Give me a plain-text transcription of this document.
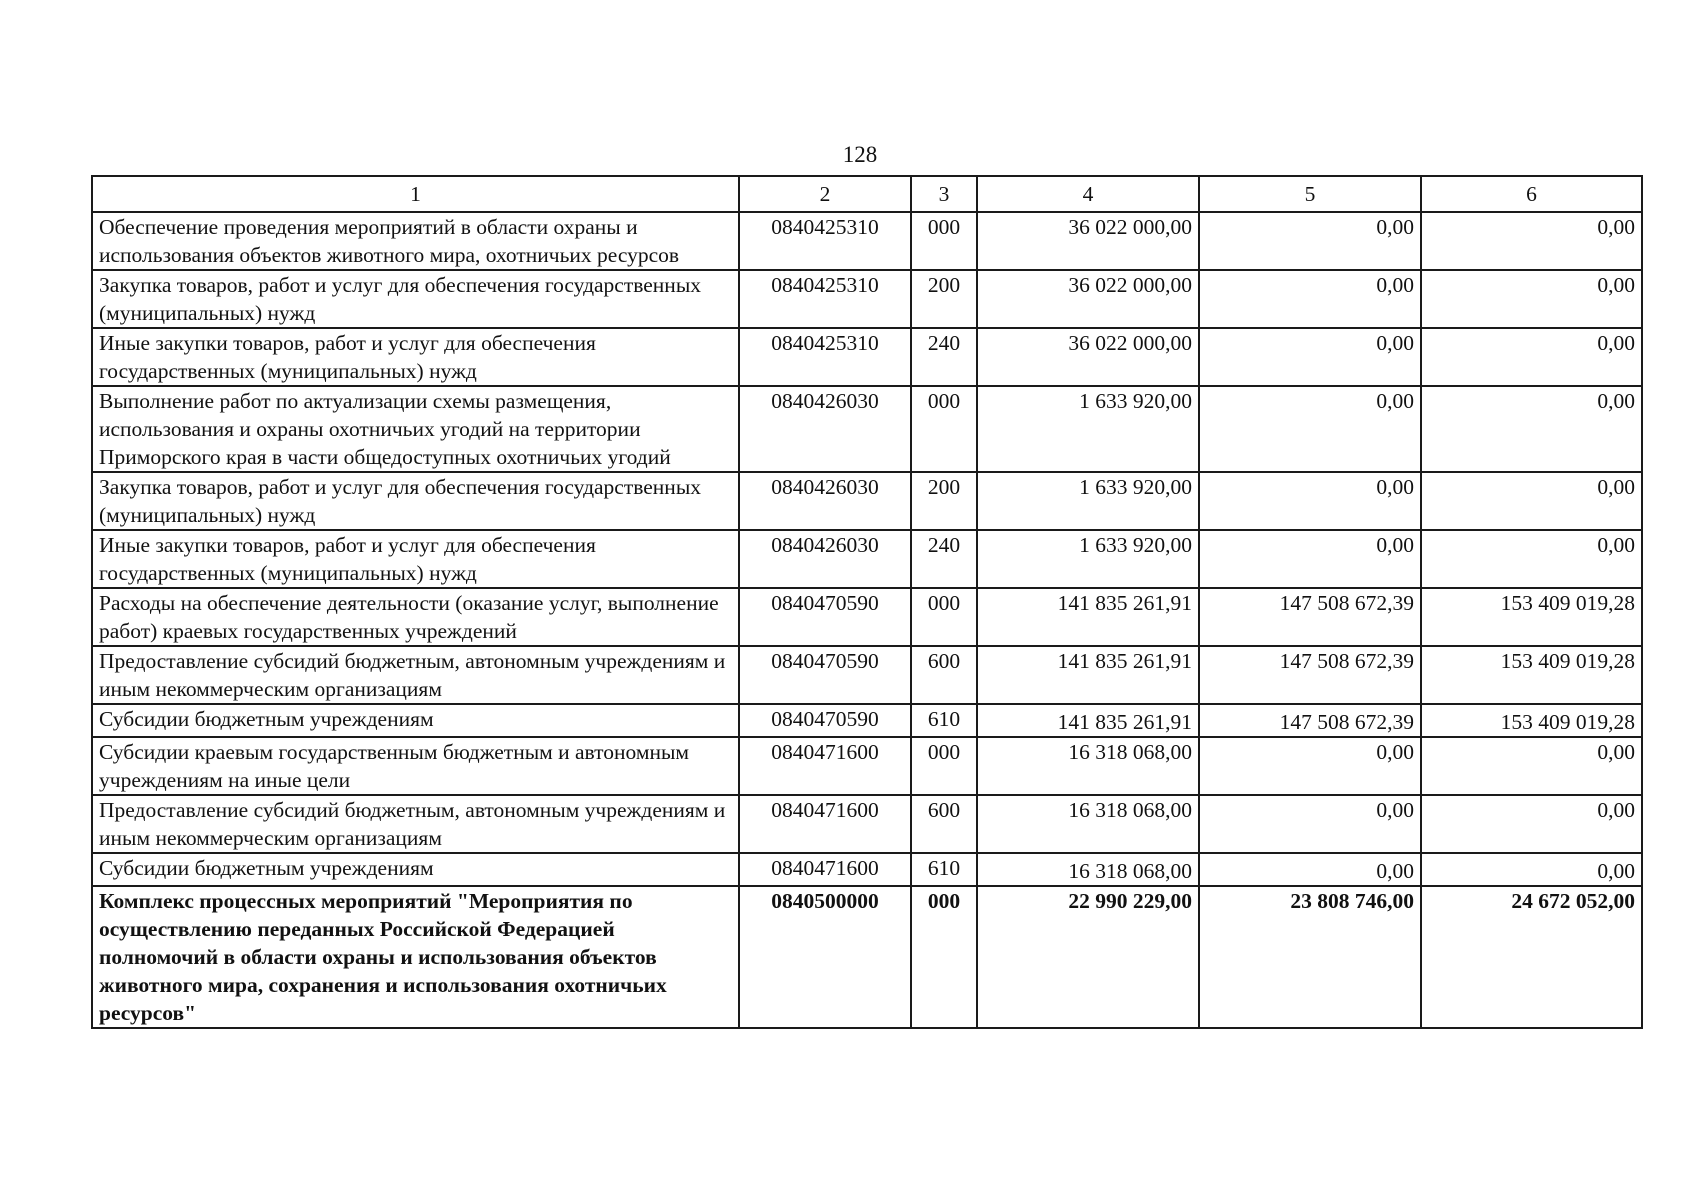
128
1	2	3	4	5	6
Обеспечение проведения мероприятий в области охраны и использования объектов животного мира, охотничьих ресурсов	0840425310	000	36 022 000,00	0,00	0,00
Закупка товаров, работ и услуг для обеспечения государственных (муниципальных) нужд	0840425310	200	36 022 000,00	0,00	0,00
Иные закупки товаров, работ и услуг для обеспечения государственных (муниципальных) нужд	0840425310	240	36 022 000,00	0,00	0,00
Выполнение работ по актуализации схемы размещения, использования и охраны охотничьих угодий на территории Приморского края в части общедоступных охотничьих угодий	0840426030	000	1 633 920,00	0,00	0,00
Закупка товаров, работ и услуг для обеспечения государственных (муниципальных) нужд	0840426030	200	1 633 920,00	0,00	0,00
Иные закупки товаров, работ и услуг для обеспечения государственных (муниципальных) нужд	0840426030	240	1 633 920,00	0,00	0,00
Расходы на обеспечение деятельности (оказание услуг, выполнение работ) краевых государственных учреждений	0840470590	000	141 835 261,91	147 508 672,39	153 409 019,28
Предоставление субсидий бюджетным, автономным учреждениям и иным некоммерческим организациям	0840470590	600	141 835 261,91	147 508 672,39	153 409 019,28
Субсидии бюджетным учреждениям	0840470590	610	141 835 261,91	147 508 672,39	153 409 019,28
Субсидии краевым государственным бюджетным и автономным учреждениям на иные цели	0840471600	000	16 318 068,00	0,00	0,00
Предоставление субсидий бюджетным, автономным учреждениям и иным некоммерческим организациям	0840471600	600	16 318 068,00	0,00	0,00
Субсидии бюджетным учреждениям	0840471600	610	16 318 068,00	0,00	0,00
Комплекс процессных мероприятий "Мероприятия по осуществлению переданных Российской Федерацией полномочий в области охраны и использования объектов животного мира, сохранения и использования охотничьих ресурсов"	0840500000	000	22 990 229,00	23 808 746,00	24 672 052,00
